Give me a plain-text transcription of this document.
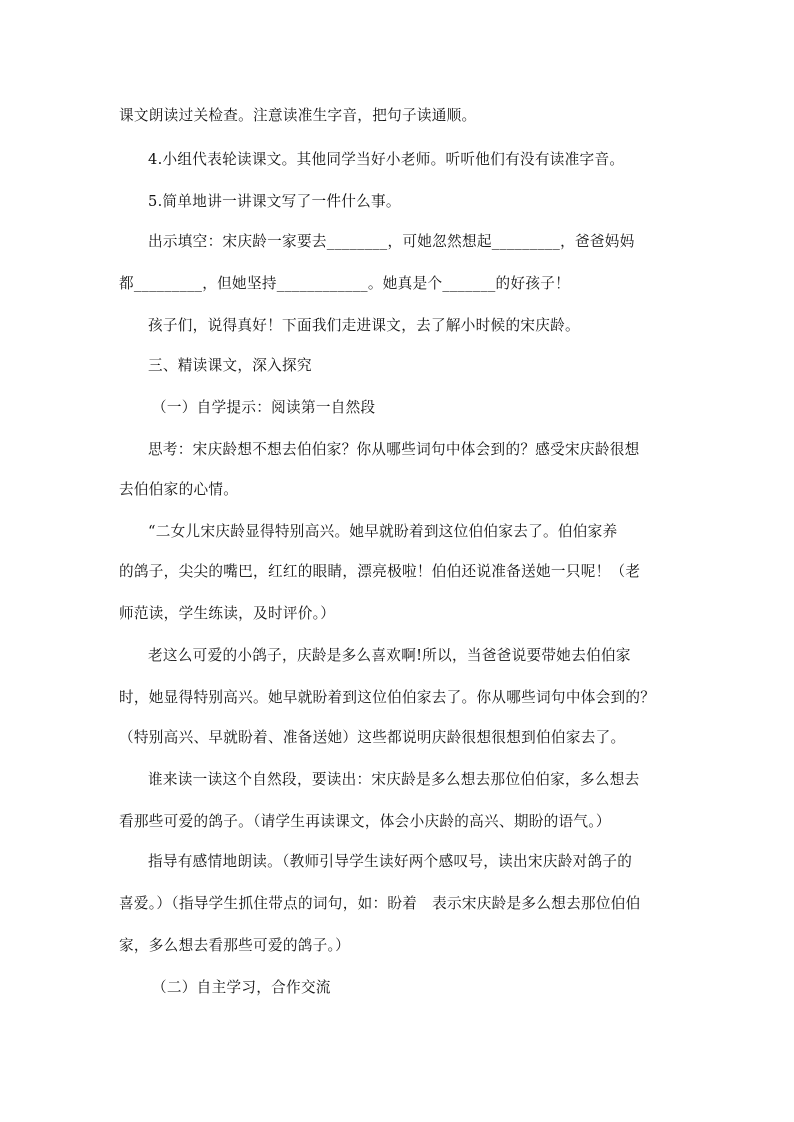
课文朗读过关检查。注意读准生字音，把句子读通顺。
4.小组代表轮读课文。其他同学当好小老师。听听他们有没有读准字音。
5.简单地讲一讲课文写了一件什么事。
出示填空：宋庆龄一家要去________，可她忽然想起_________，爸爸妈妈
都_________，但她坚持____________。她真是个_______的好孩子！
孩子们，说得真好！下面我们走进课文，去了解小时候的宋庆龄。
三、精读课文，深入探究
（一）自学提示：阅读第一自然段
思考：宋庆龄想不想去伯伯家？你从哪些词句中体会到的？感受宋庆龄很想
去伯伯家的心情。
“二女儿宋庆龄显得特别高兴。她早就盼着到这位伯伯家去了。伯伯家养
的鸽子，尖尖的嘴巴，红红的眼睛，漂亮极啦！伯伯还说准备送她一只呢！（老
师范读，学生练读，及时评价。）
老这么可爱的小鸽子，庆龄是多么喜欢啊!所以，当爸爸说要带她去伯伯家
时，她显得特别高兴。她早就盼着到这位伯伯家去了。你从哪些词句中体会到的？
（特别高兴、早就盼着、准备送她）这些都说明庆龄很想很想到伯伯家去了。
谁来读一读这个自然段，要读出：宋庆龄是多么想去那位伯伯家，多么想去
看那些可爱的鸽子。（请学生再读课文，体会小庆龄的高兴、期盼的语气。）
指导有感情地朗读。（教师引导学生读好两个感叹号，读出宋庆龄对鸽子的
喜爱。）（指导学生抓住带点的词句，如：盼着　表示宋庆龄是多么想去那位伯伯
家，多么想去看那些可爱的鸽子。）
（二）自主学习，合作交流
